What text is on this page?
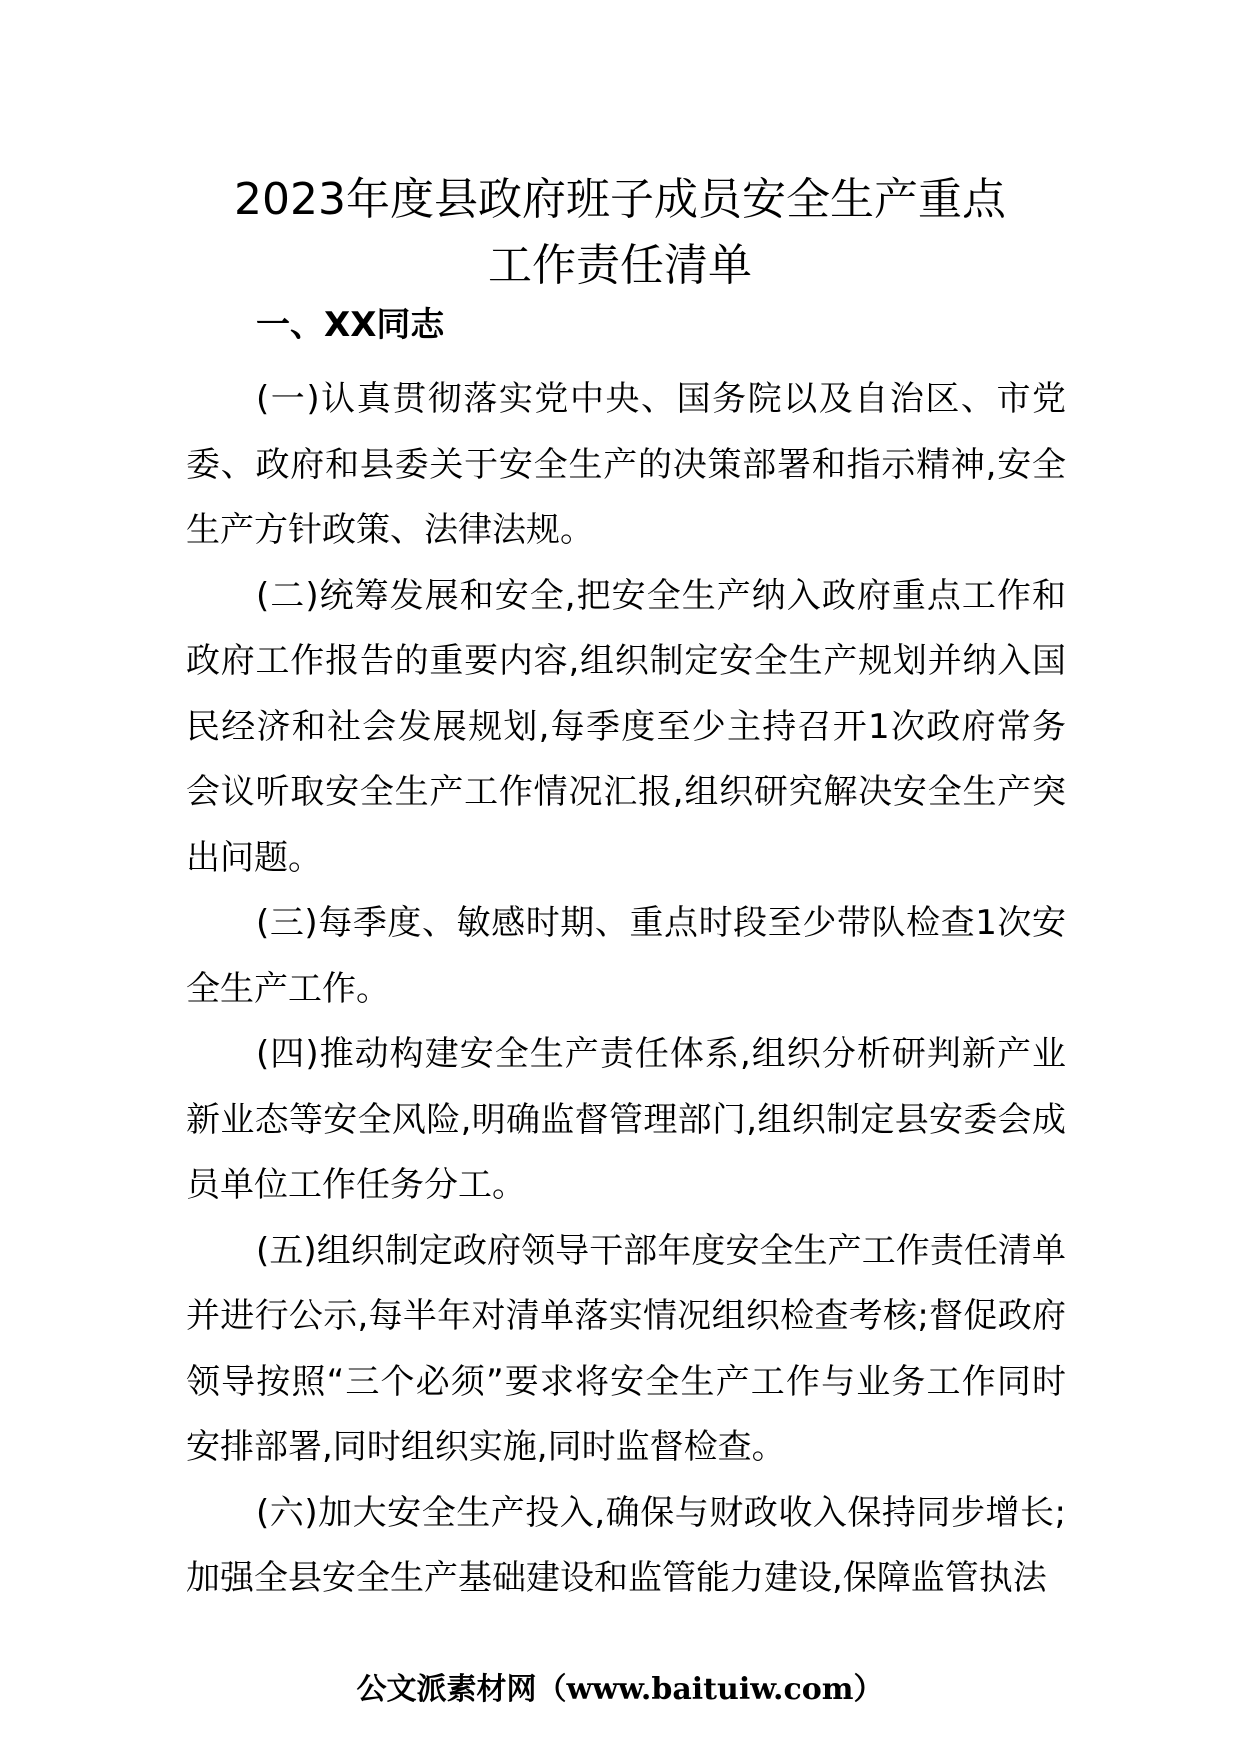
2023年度县政府班子成员安全生产重点
工作责任清单
一、XX同志

(一)认真贯彻落实党中央、国务院以及自治区、市党委、政府和县委关于安全生产的决策部署和指示精神,安全生产方针政策、法律法规。

(二)统筹发展和安全,把安全生产纳入政府重点工作和政府工作报告的重要内容,组织制定安全生产规划并纳入国民经济和社会发展规划,每季度至少主持召开1次政府常务会议听取安全生产工作情况汇报,组织研究解决安全生产突出问题。

(三)每季度、敏感时期、重点时段至少带队检查1次安全生产工作。

(四)推动构建安全生产责任体系,组织分析研判新产业新业态等安全风险,明确监督管理部门,组织制定县安委会成员单位工作任务分工。

(五)组织制定政府领导干部年度安全生产工作责任清单并进行公示,每半年对清单落实情况组织检查考核;督促政府领导按照“三个必须”要求将安全生产工作与业务工作同时安排部署,同时组织实施,同时监督检查。

(六)加大安全生产投入,确保与财政收入保持同步增长;加强全县安全生产基础建设和监管能力建设,保障监管执法

公文派素材网（www.baituiw.com）
